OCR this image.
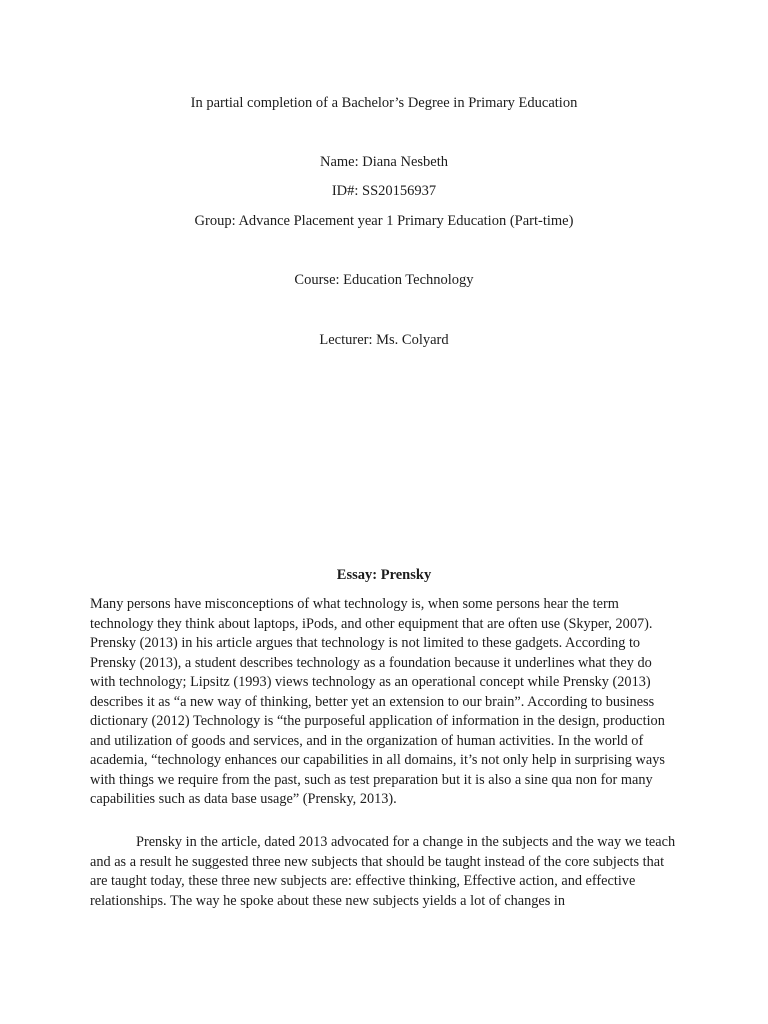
In partial completion of a Bachelor’s Degree in Primary Education
Name: Diana Nesbeth
ID#: SS20156937
Group: Advance Placement year 1 Primary Education (Part-time)
Course: Education Technology
Lecturer: Ms. Colyard
Essay: Prensky

Many persons have misconceptions of what technology is, when some persons hear the term technology they think about laptops, iPods, and other equipment that are often use (Skyper, 2007). Prensky (2013) in his article argues that technology is not limited to these gadgets. According to Prensky (2013), a student describes technology as a foundation because it underlines what they do with technology; Lipsitz (1993) views technology as an operational concept while Prensky (2013) describes it as “a new way of thinking, better yet an extension to our brain”. According to business dictionary (2012) Technology is “the purposeful application of information in the design, production and utilization of goods and services, and in the organization of human activities. In the world of academia, “technology enhances our capabilities in all domains, it’s not only help in surprising ways with things we require from the past, such as test preparation but it is also a sine qua non for many capabilities such as data base usage” (Prensky, 2013).

Prensky in the article, dated 2013 advocated for a change in the subjects and the way we teach and as a result he suggested three new subjects that should be taught instead of the core subjects that are taught today, these three new subjects are: effective thinking, Effective action, and effective relationships. The way he spoke about these new subjects yields a lot of changes in
